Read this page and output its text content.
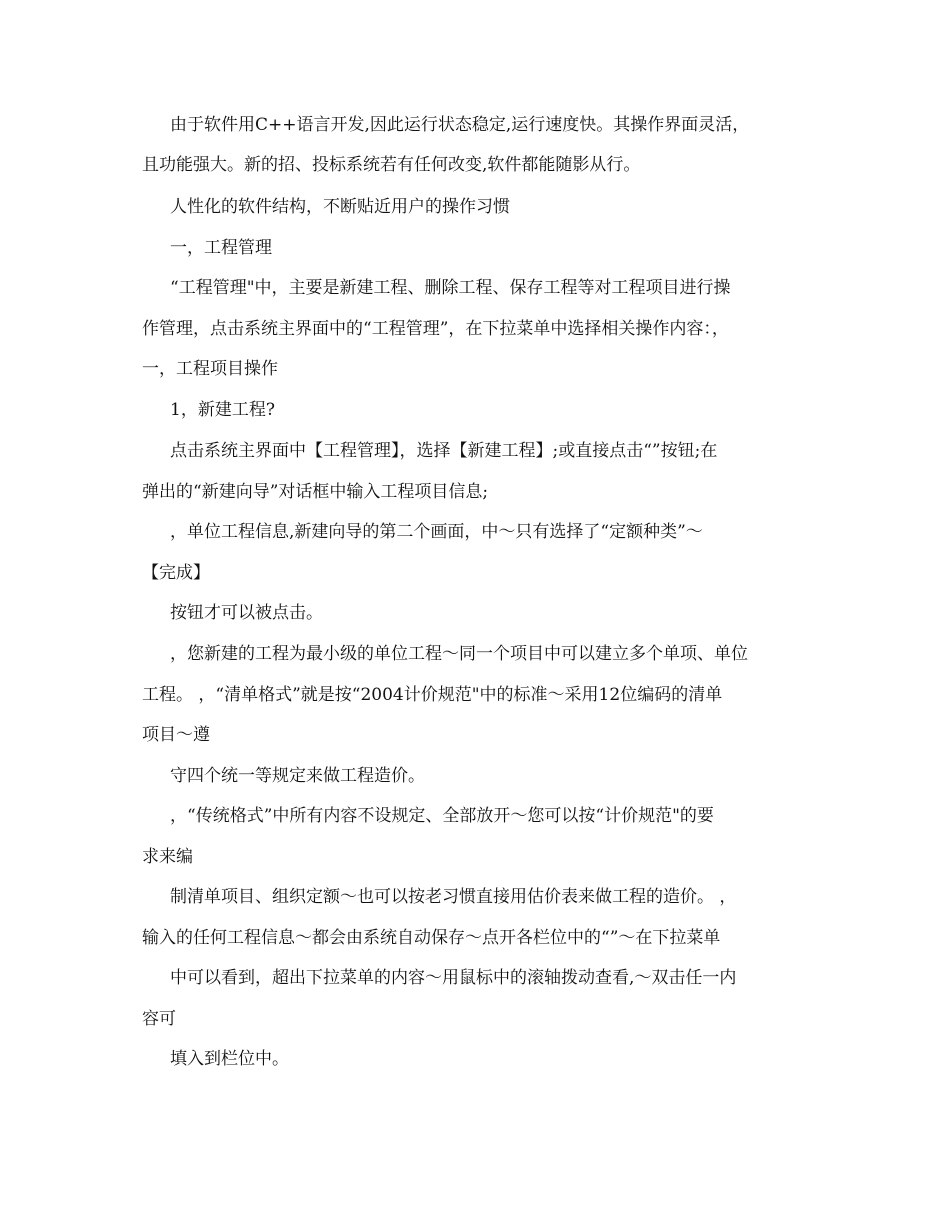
由于软件用C++语言开发,因此运行状态稳定,运行速度快。其操作界面灵活，
且功能强大。新的招、投标系统若有任何改变,软件都能随影从行。
人性化的软件结构，不断贴近用户的操作习惯
一，工程管理
“工程管理"中，主要是新建工程、删除工程、保存工程等对工程项目进行操
作管理，点击系统主界面中的“工程管理”，在下拉菜单中选择相关操作内容：，
一，工程项目操作
1，新建工程?
点击系统主界面中【工程管理】，选择【新建工程】;或直接点击“”按钮;在
弹出的“新建向导”对话框中输入工程项目信息;
，单位工程信息,新建向导的第二个画面，中～只有选择了“定额种类”～
【完成】
按钮才可以被点击。
，您新建的工程为最小级的单位工程～同一个项目中可以建立多个单项、单位
工程。 ，“清单格式”就是按“2004计价规范"中的标准～采用12位编码的清单
项目～遵
守四个统一等规定来做工程造价。
，“传统格式”中所有内容不设规定、全部放开～您可以按“计价规范"的要
求来编
制清单项目、组织定额～也可以按老习惯直接用估价表来做工程的造价。 ，
输入的任何工程信息～都会由系统自动保存～点开各栏位中的“”～在下拉菜单
中可以看到，超出下拉菜单的内容～用鼠标中的滚轴拨动查看,～双击任一内
容可
填入到栏位中。
